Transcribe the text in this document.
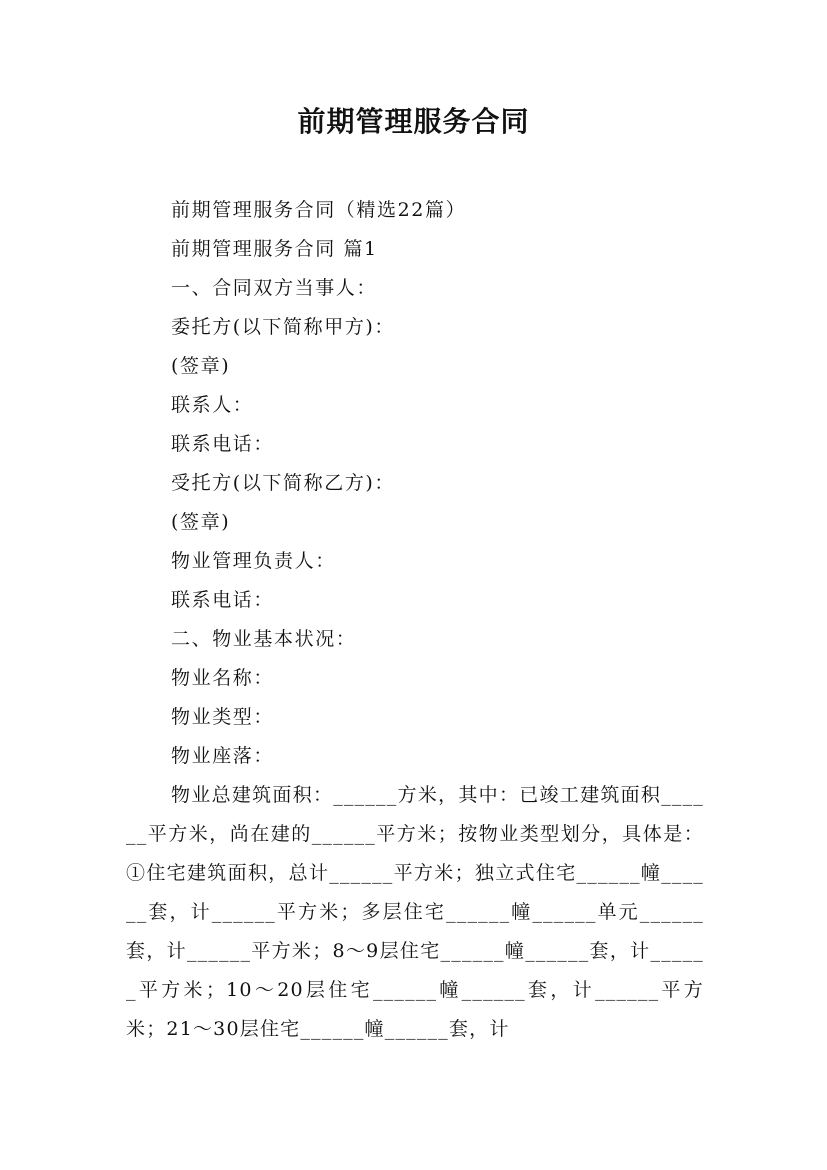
前期管理服务合同

前期管理服务合同（精选22篇）

前期管理服务合同 篇1

一、合同双方当事人：

委托方(以下简称甲方)：

(签章)

联系人：

联系电话：

受托方(以下简称乙方)：

(签章)

物业管理负责人：

联系电话：

二、物业基本状况：

物业名称：

物业类型：

物业座落：

物业总建筑面积：______方米，其中：已竣工建筑面积______平方米，尚在建的______平方米；按物业类型划分，具体是：①住宅建筑面积，总计______平方米；独立式住宅______幢______套，计______平方米；多层住宅______幢______单元______套，计______平方米；8～9层住宅______幢______套，计______平方米；10～20层住宅______幢______套，计______平方米；21～30层住宅______幢______套，计
